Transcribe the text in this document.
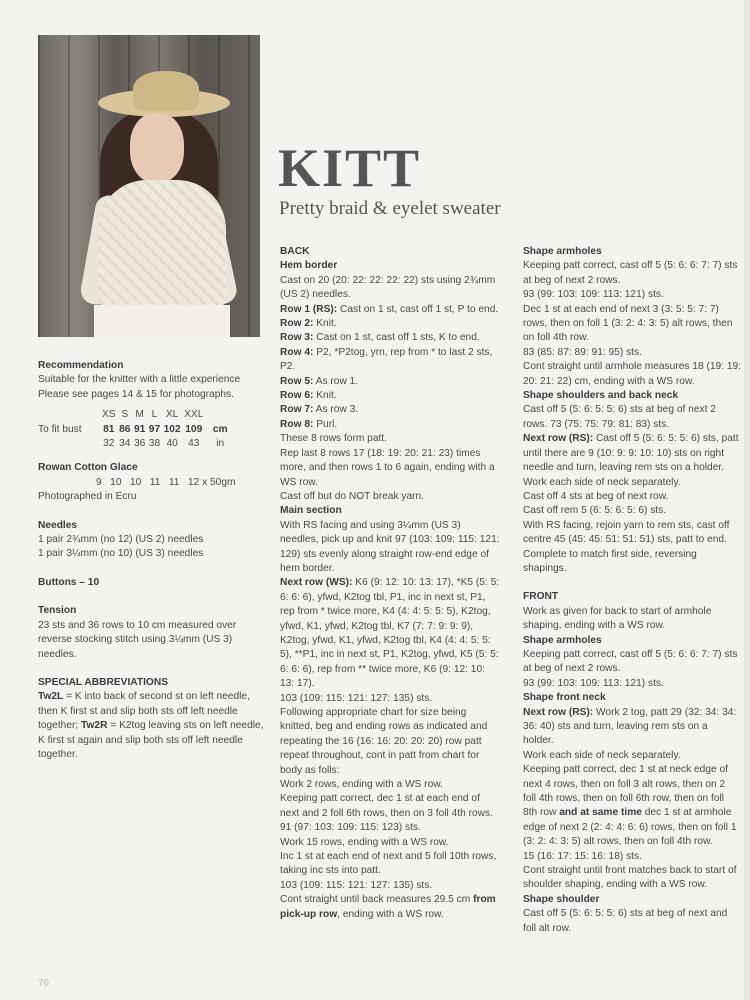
KITT

Pretty braid & eyelet sweater

Recommendation

Suitable for the knitter with a little experience

Please see pages 14 & 15 for photographs.

	XS	S	M	L	XL	XXL	
To fit bust	81	86	91	97	102	109	cm
	32	34	36	38	40	43	in

Rowan Cotton Glace

9   10   10   11   11   12 x 50gm

Photographed in Ecru

Needles

1 pair 2¾mm (no 12) (US 2) needles

1 pair 3¼mm (no 10) (US 3) needles

Buttons – 10

Tension

23 sts and 36 rows to 10 cm measured over reverse stocking stitch using 3¼mm (US 3) needles.

SPECIAL ABBREVIATIONS

Tw2L = K into back of second st on left needle, then K first st and slip both sts off left needle together; Tw2R = K2tog leaving sts on left needle, K first st again and slip both sts off left needle together.

BACK

Hem border

Cast on 20 (20: 22: 22: 22: 22) sts using 2¾mm (US 2) needles.

Row 1 (RS): Cast on 1 st, cast off 1 st, P to end.

Row 2: Knit.

Row 3: Cast on 1 st, cast off 1 sts, K to end.

Row 4: P2, *P2tog, yrn, rep from * to last 2 sts, P2.

Row 5: As row 1.

Row 6: Knit.

Row 7: As row 3.

Row 8: Purl.

These 8 rows form patt.

Rep last 8 rows 17 (18: 19: 20: 21: 23) times more, and then rows 1 to 6 again, ending with a WS row.

Cast off but do NOT break yarn.

Main section

With RS facing and using 3¼mm (US 3) needles, pick up and knit 97 (103: 109: 115: 121: 129) sts evenly along straight row-end edge of hem border.

Next row (WS): K6 (9: 12: 10: 13: 17), *K5 (5: 5: 6: 6: 6), yfwd, K2tog tbl, P1, inc in next st, P1, rep from * twice more, K4 (4: 4: 5: 5: 5), K2tog, yfwd, K1, yfwd, K2tog tbl, K7 (7: 7: 9: 9: 9), K2tog, yfwd, K1, yfwd, K2tog tbl, K4 (4: 4: 5: 5: 5), **P1, inc in next st, P1, K2tog, yfwd, K5 (5: 5: 6: 6: 6), rep from ** twice more, K6 (9: 12: 10: 13: 17).

103 (109: 115: 121: 127: 135) sts.

Following appropriate chart for size being knitted, beg and ending rows as indicated and repeating the 16 (16: 16: 20: 20: 20) row patt repeat throughout, cont in patt from chart for body as folls:

Work 2 rows, ending with a WS row.

Keeping patt correct, dec 1 st at each end of next and 2 foll 6th rows, then on 3 foll 4th rows.

91 (97: 103: 109: 115: 123) sts.

Work 15 rows, ending with a WS row.

Inc 1 st at each end of next and 5 foll 10th rows, taking inc sts into patt.

103 (109: 115: 121: 127: 135) sts.

Cont straight until back measures 29.5 cm from pick-up row, ending with a WS row.

Shape armholes

Keeping patt correct, cast off 5 (5: 6: 6: 7: 7) sts at beg of next 2 rows.

93 (99: 103: 109: 113: 121) sts.

Dec 1 st at each end of next 3 (3: 5: 5: 7: 7) rows, then on foll 1 (3: 2: 4: 3: 5) alt rows, then on foll 4th row.

83 (85: 87: 89: 91: 95) sts.

Cont straight until armhole measures 18 (19: 19: 20: 21: 22) cm, ending with a WS row.

Shape shoulders and back neck

Cast off 5 (5: 6: 5: 5: 6) sts at beg of next 2 rows. 73 (75: 75: 79: 81: 83) sts.

Next row (RS): Cast off 5 (5: 6: 5: 5: 6) sts, patt until there are 9 (10: 9: 9: 10: 10) sts on right needle and turn, leaving rem sts on a holder.

Work each side of neck separately.

Cast off 4 sts at beg of next row.

Cast off rem 5 (6: 5: 6: 5: 6) sts.

With RS facing, rejoin yarn to rem sts, cast off centre 45 (45: 45: 51: 51: 51) sts, patt to end.

Complete to match first side, reversing shapings.

FRONT

Work as given for back to start of armhole shaping, ending with a WS row.

Shape armholes

Keeping patt correct, cast off 5 (5: 6: 6: 7: 7) sts at beg of next 2 rows.

93 (99: 103: 109: 113: 121) sts.

Shape front neck

Next row (RS): Work 2 tog, patt 29 (32: 34: 34: 36: 40) sts and turn, leaving rem sts on a holder.

Work each side of neck separately.

Keeping patt correct, dec 1 st at neck edge of next 4 rows, then on foll 3 alt rows, then on 2 foll 4th rows, then on foll 6th row, then on foll 8th row and at same time dec 1 st at armhole edge of next 2 (2: 4: 4: 6: 6) rows, then on foll 1 (3: 2: 4: 3: 5) alt rows, then on foll 4th row.

15 (16: 17: 15: 16: 18) sts.

Cont straight until front matches back to start of shoulder shaping, ending with a WS row.

Shape shoulder

Cast off 5 (5: 6: 5: 5: 6) sts at beg of next and foll alt row.

76
